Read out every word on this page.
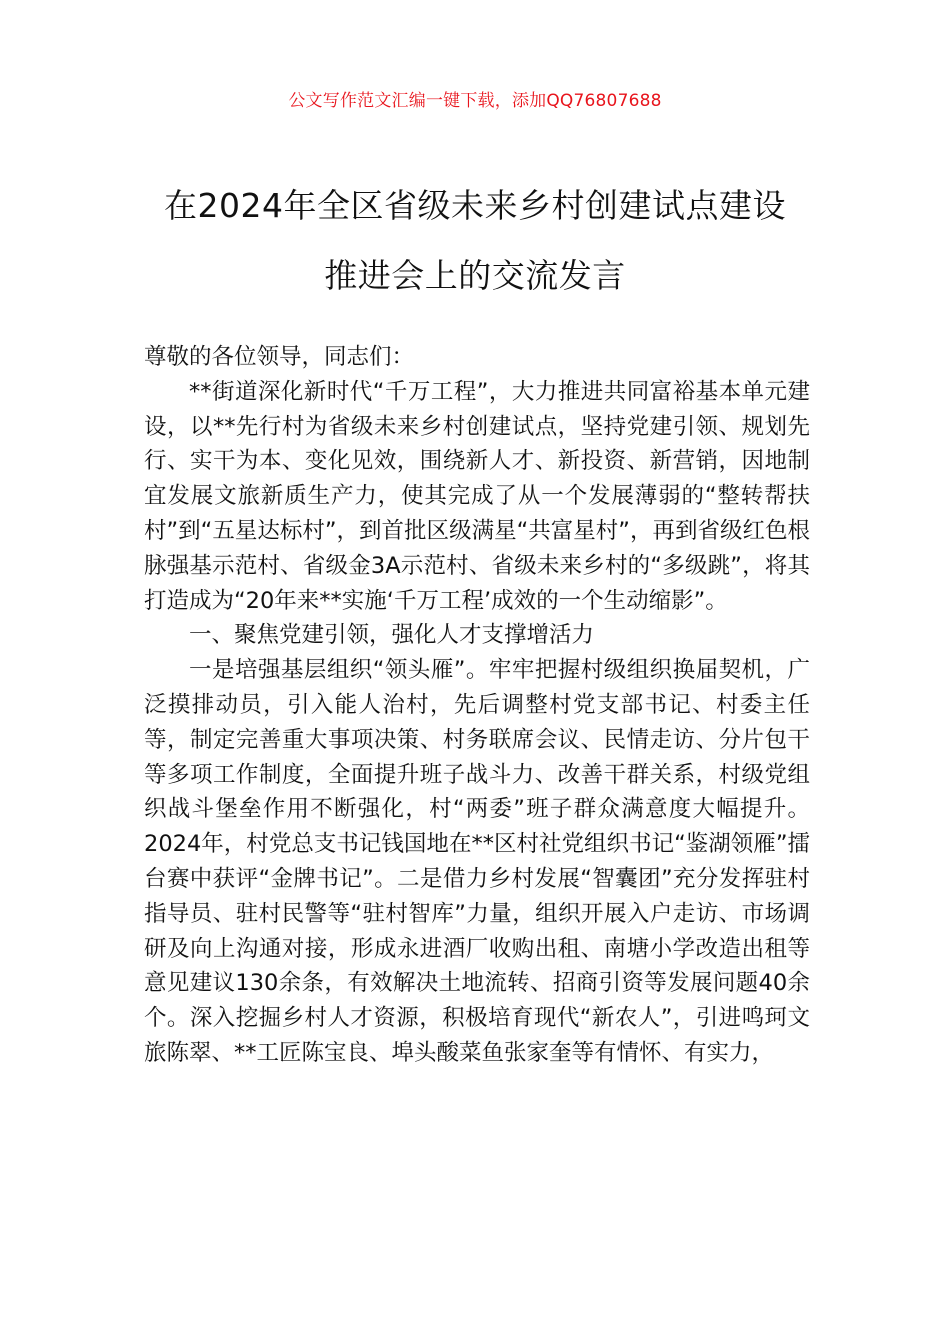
公文写作范文汇编一键下载，添加QQ76807688
在2024年全区省级未来乡村创建试点建设
推进会上的交流发言

尊敬的各位领导，同志们：

**街道深化新时代“千万工程”，大力推进共同富裕基本单元建设，以**先行村为省级未来乡村创建试点，坚持党建引领、规划先行、实干为本、变化见效，围绕新人才、新投资、新营销，因地制宜发展文旅新质生产力，使其完成了从一个发展薄弱的“整转帮扶村”到“五星达标村”，到首批区级满星“共富星村”，再到省级红色根脉强基示范村、省级金3A示范村、省级未来乡村的“多级跳”，将其打造成为“20年来**实施‘千万工程’成效的一个生动缩影”。

一、聚焦党建引领，强化人才支撑增活力

一是培强基层组织“领头雁”。牢牢把握村级组织换届契机，广泛摸排动员，引入能人治村，先后调整村党支部书记、村委主任等，制定完善重大事项决策、村务联席会议、民情走访、分片包干等多项工作制度，全面提升班子战斗力、改善干群关系，村级党组织战斗堡垒作用不断强化，村“两委”班子群众满意度大幅提升。2024年，村党总支书记钱国地在**区村社党组织书记“鉴湖领雁”擂台赛中获评“金牌书记”。二是借力乡村发展“智囊团”充分发挥驻村指导员、驻村民警等“驻村智库”力量，组织开展入户走访、市场调研及向上沟通对接，形成永进酒厂收购出租、南塘小学改造出租等意见建议130余条，有效解决土地流转、招商引资等发展问题40余个。深入挖掘乡村人才资源，积极培育现代“新农人”，引进鸣珂文旅陈翠、**工匠陈宝良、埠头酸菜鱼张家奎等有情怀、有实力，
